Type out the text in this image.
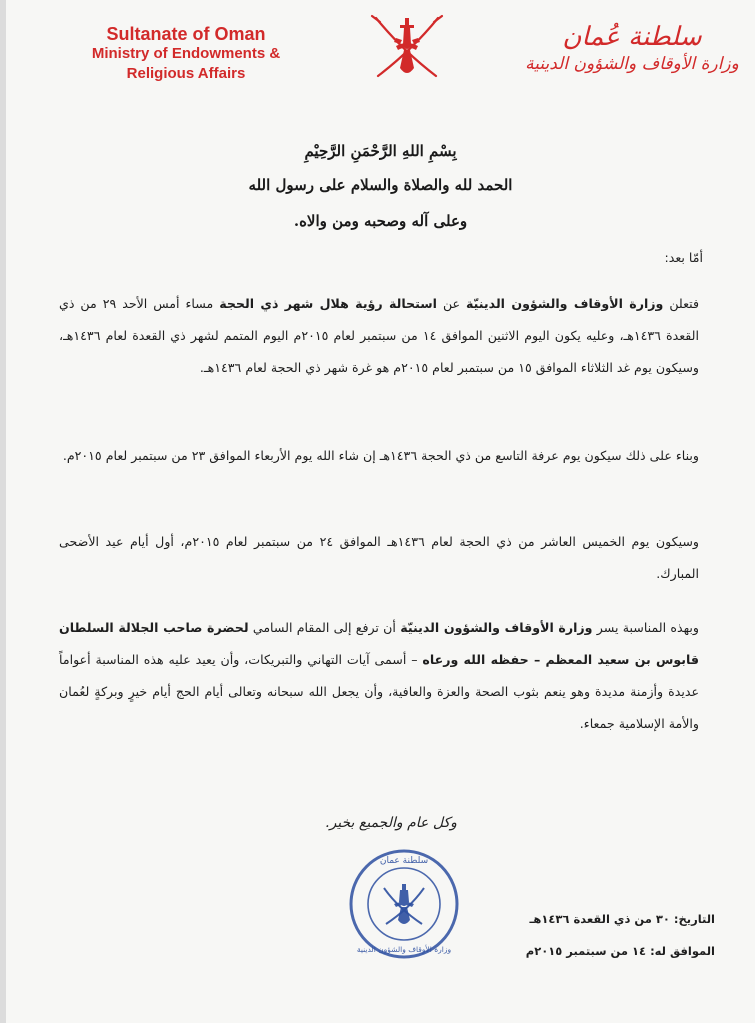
Sultanate of Oman
Ministry of Endowments &
Religious Affairs
سلطنة عُمان
وزارة الأوقاف والشؤون الدينية
بِسْمِ اللهِ الرَّحْمَنِ الرَّحِيْمِ
الحمد لله والصلاة والسلام على رسول الله
وعلى آله وصحبه ومن والاه.
أمّا بعد:
فتعلن وزارة الأوقاف والشؤون الدينيّة عن استحالة رؤية هلال شهر ذي الحجة مساء أمس الأحد ٢٩ من ذي القعدة ١٤٣٦هـ، وعليه يكون اليوم الاثنين الموافق ١٤ من سبتمبر لعام ٢٠١٥م اليوم المتمم لشهر ذي القعدة لعام ١٤٣٦هـ، وسيكون يوم غد الثلاثاء الموافق ١٥ من سبتمبر لعام ٢٠١٥م هو غرة شهر ذي الحجة لعام ١٤٣٦هـ.
وبناء على ذلك سيكون يوم عرفة التاسع من ذي الحجة ١٤٣٦هـ إن شاء الله يوم الأربعاء الموافق ٢٣ من سبتمبر لعام ٢٠١٥م.
وسيكون يوم الخميس العاشر من ذي الحجة لعام ١٤٣٦هـ الموافق ٢٤ من سبتمبر لعام ٢٠١٥م، أول أيام عيد الأضحى المبارك.
وبهذه المناسبة يسر وزارة الأوقاف والشؤون الدينيّة أن ترفع إلى المقام السامي لحضرة صاحب الجلالة السلطان قابوس بن سعيد المعظم – حفظه الله ورعاه – أسمى آيات التهاني والتبريكات، وأن يعيد عليه هذه المناسبة أعواماً عديدة وأزمنة مديدة وهو ينعم بثوب الصحة والعزة والعافية، وأن يجعل الله سبحانه وتعالى أيام الحج أيام خيرٍ وبركةٍ لعُمان والأمة الإسلامية جمعاء.
وكل عام والجميع بخير.
سلطنة عمان
وزارة الأوقاف والشؤون الدينية
التاريخ: ٣٠ من ذي القعدة ١٤٣٦هـ
الموافق له: ١٤ من سبتمبر ٢٠١٥م
